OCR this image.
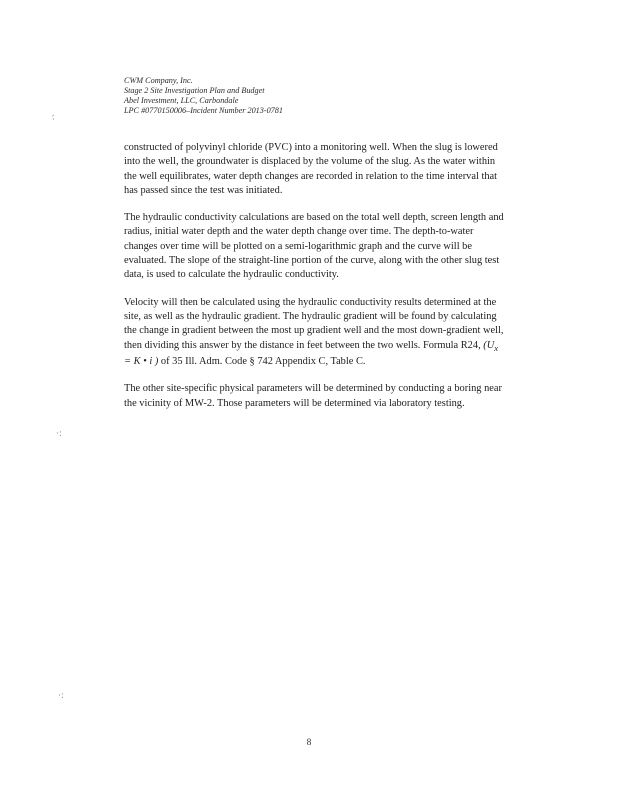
CWM Company, Inc.
Stage 2 Site Investigation Plan and Budget
Abel Investment, LLC, Carbondale
LPC #0770150006–Incident Number 2013-0781
·́
·:
·:

constructed of polyvinyl chloride (PVC) into a monitoring well. When the slug is lowered
into the well, the groundwater is displaced by the volume of the slug. As the water within
the well equilibrates, water depth changes are recorded in relation to the time interval that
has passed since the test was initiated.

The hydraulic conductivity calculations are based on the total well depth, screen length and
radius, initial water depth and the water depth change over time. The depth-to-water
changes over time will be plotted on a semi-logarithmic graph and the curve will be
evaluated. The slope of the straight-line portion of the curve, along with the other slug test
data, is used to calculate the hydraulic conductivity.

Velocity will then be calculated using the hydraulic conductivity results determined at the
site, as well as the hydraulic gradient. The hydraulic gradient will be found by calculating
the change in gradient between the most up gradient well and the most down-gradient well,
then dividing this answer by the distance in feet between the two wells. Formula R24, ($U_x$
= K • i ) of 35 Ill. Adm. Code § 742 Appendix C, Table C.

The other site-specific physical parameters will be determined by conducting a boring near
the vicinity of MW-2. Those parameters will be determined via laboratory testing.

8
